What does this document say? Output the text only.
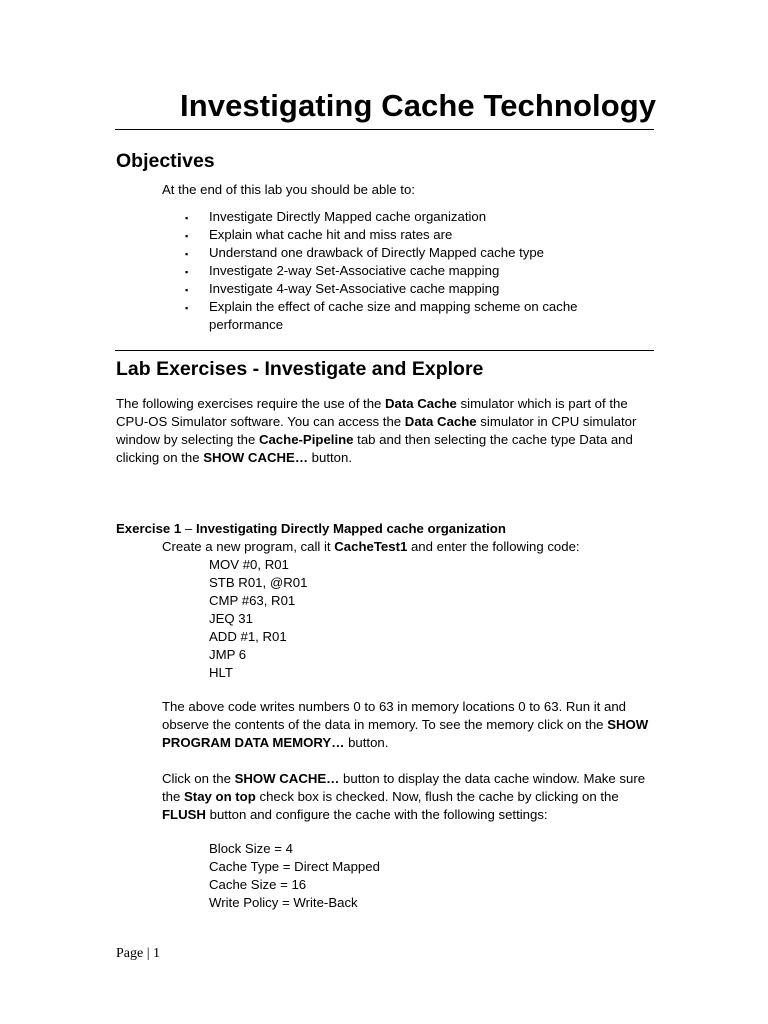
Investigating Cache Technology
Objectives
At the end of this lab you should be able to:
▪ Investigate Directly Mapped cache organization
▪ Explain what cache hit and miss rates are
▪ Understand one drawback of Directly Mapped cache type
▪ Investigate 2-way Set-Associative cache mapping
▪ Investigate 4-way Set-Associative cache mapping
▪ Explain the effect of cache size and mapping scheme on cache
performance
Lab Exercises - Investigate and Explore
The following exercises require the use of the Data Cache simulator which is part of the CPU-OS Simulator software. You can access the Data Cache simulator in CPU simulator window by selecting the Cache-Pipeline tab and then selecting the cache type Data and clicking on the SHOW CACHE… button.
Exercise 1 – Investigating Directly Mapped cache organization
Create a new program, call it CacheTest1 and enter the following code:
MOV #0, R01
STB R01, @R01
CMP #63, R01
JEQ 31
ADD #1, R01
JMP 6
HLT
The above code writes numbers 0 to 63 in memory locations 0 to 63. Run it and observe the contents of the data in memory. To see the memory click on the SHOW PROGRAM DATA MEMORY… button.
Click on the SHOW CACHE… button to display the data cache window. Make sure the Stay on top check box is checked. Now, flush the cache by clicking on the FLUSH button and configure the cache with the following settings:
Block Size = 4
Cache Type = Direct Mapped
Cache Size = 16
Write Policy = Write-Back
Page | 1
